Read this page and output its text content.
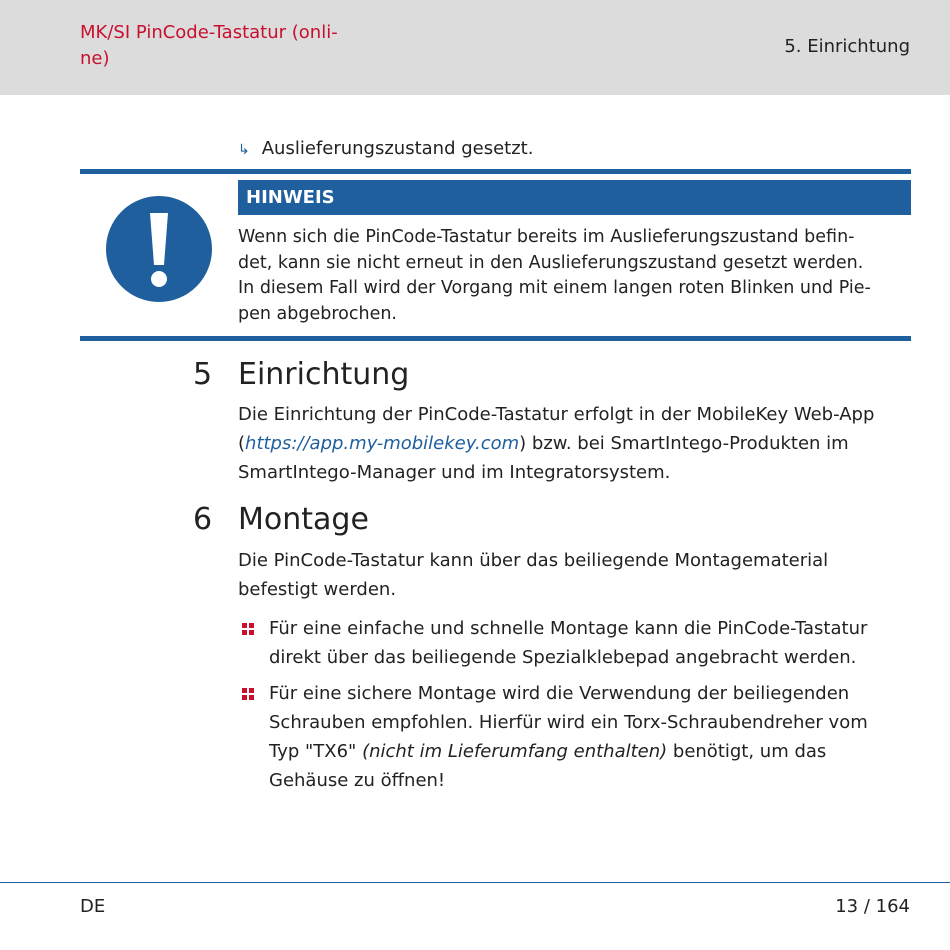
MK/SI PinCode-Tastatur (onli-
ne)
5. Einrichtung
↳ Auslieferungszustand gesetzt.
HINWEIS

Wenn sich die PinCode-Tastatur bereits im Auslieferungszustand befin-
det, kann sie nicht erneut in den Auslieferungszustand gesetzt werden.
In diesem Fall wird der Vorgang mit einem langen roten Blinken und Pie-
pen abgebrochen.

5 Einrichtung

Die Einrichtung der PinCode-Tastatur erfolgt in der MobileKey Web-App
(https://app.my-mobilekey.com) bzw. bei SmartIntego-Produkten im
SmartIntego-Manager und im Integratorsystem.

6 Montage

Die PinCode-Tastatur kann über das beiliegende Montagematerial
befestigt werden.

Für eine einfache und schnelle Montage kann die PinCode-Tastatur
direkt über das beiliegende Spezialklebepad angebracht werden.
Für eine sichere Montage wird die Verwendung der beiliegenden
Schrauben empfohlen. Hierfür wird ein Torx-Schraubendreher vom
Typ "TX6" (nicht im Lieferumfang enthalten) benötigt, um das
Gehäuse zu öffnen!
DE	13 / 164
